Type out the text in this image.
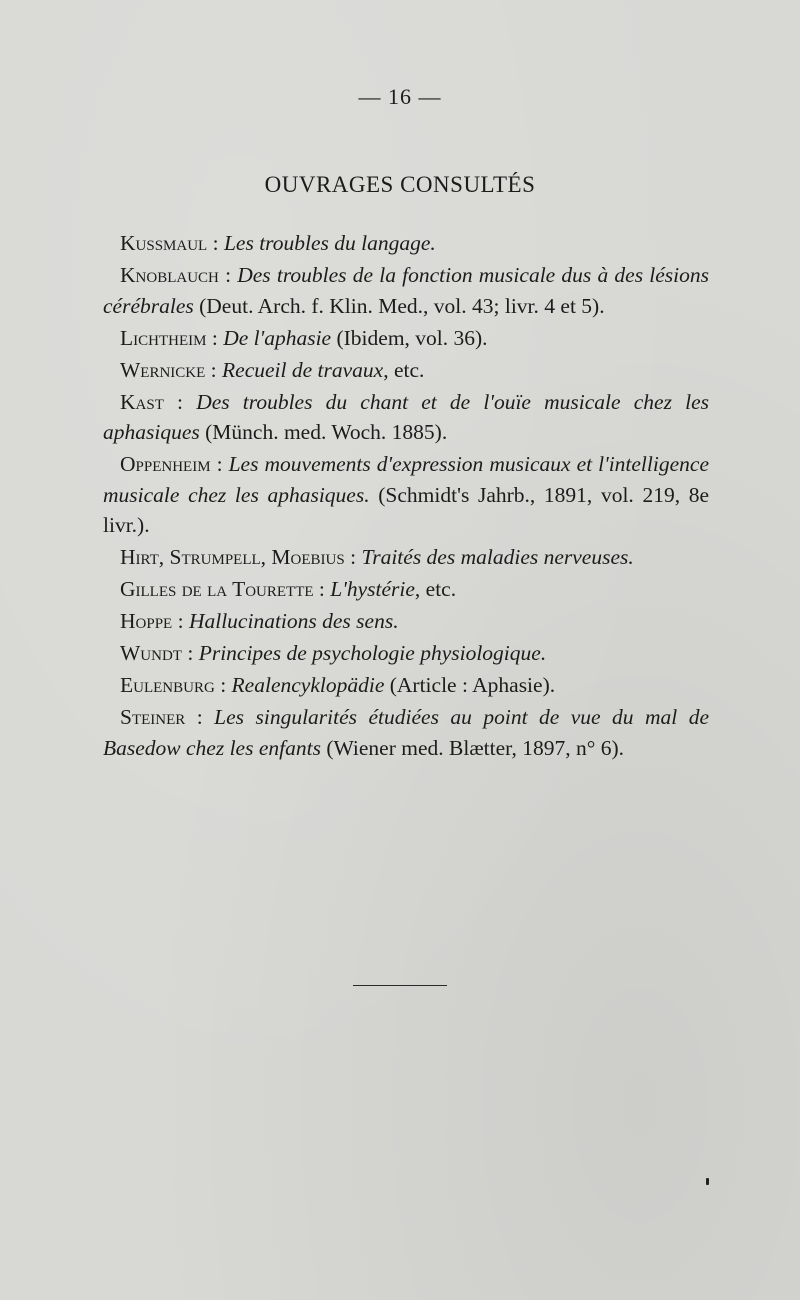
— 16 —
OUVRAGES CONSULTÉS

Kussmaul : Les troubles du langage.

Knoblauch : Des troubles de la fonction musicale dus à des lésions cérébrales (Deut. Arch. f. Klin. Med., vol. 43; livr. 4 et 5).

Lichtheim : De l'aphasie (Ibidem, vol. 36).

Wernicke : Recueil de travaux, etc.

Kast : Des troubles du chant et de l'ouïe musicale chez les aphasiques (Münch. med. Woch. 1885).

Oppenheim : Les mouvements d'expression musicaux et l'intelligence musicale chez les aphasiques. (Schmidt's Jahrb., 1891, vol. 219, 8e livr.).

Hirt, Strumpell, Moebius : Traités des maladies nerveuses.

Gilles de la Tourette : L'hystérie, etc.

Hoppe : Hallucinations des sens.

Wundt : Principes de psychologie physiologique.

Eulenburg : Realencyklopädie (Article : Aphasie).

Steiner : Les singularités étudiées au point de vue du mal de Basedow chez les enfants (Wiener med. Blætter, 1897, n° 6).
